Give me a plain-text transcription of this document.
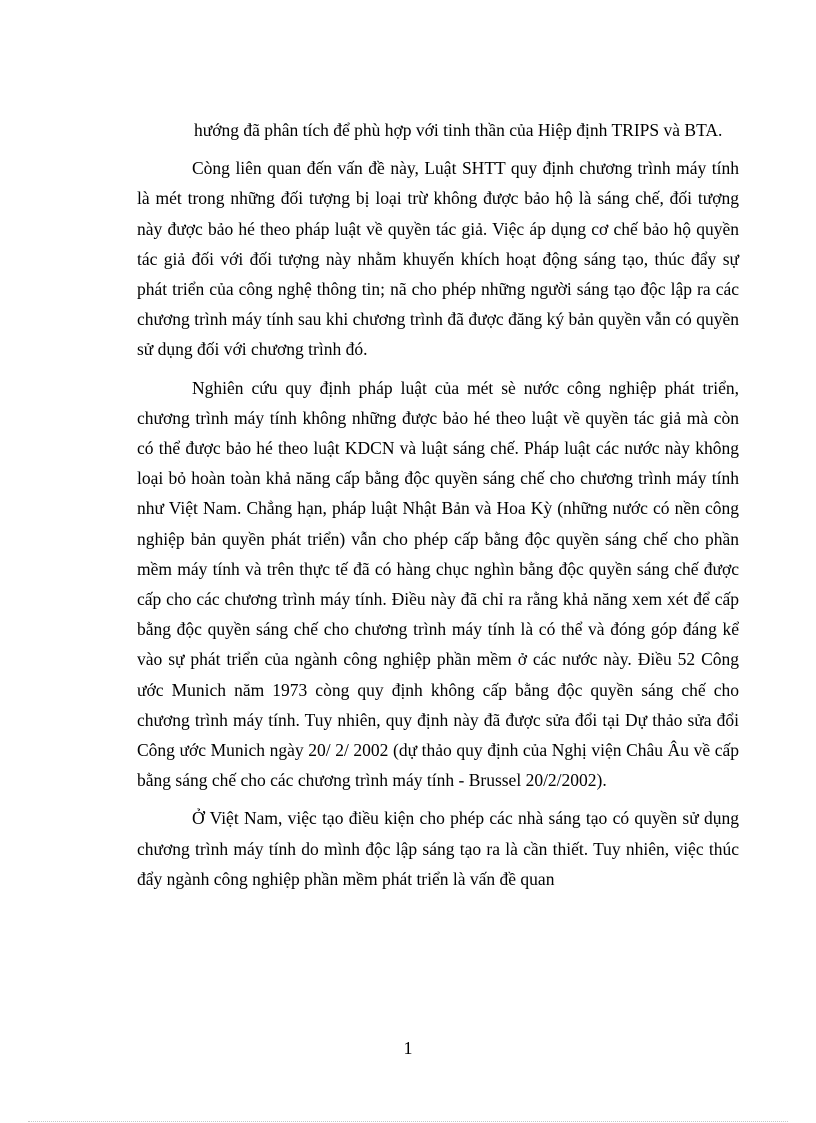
hướng đã phân tích để phù hợp với tinh thần của Hiệp định TRIPS và BTA.

Còng liên quan đến vấn đề này, Luật SHTT quy định chương trình máy tính là mét trong những đối tượng bị loại trừ không được bảo hộ là sáng chế, đối tượng này được bảo hé theo pháp luật về quyền tác giả. Việc áp dụng cơ chế bảo hộ quyền tác giả đối với đối tượng này nhằm khuyến khích hoạt động sáng tạo, thúc đẩy sự phát triển của công nghệ thông tin; nã cho phép những người sáng tạo độc lập ra các chương trình máy tính sau khi chương trình đã được đăng ký bản quyền vẫn có quyền sử dụng đối với chương trình đó.

Nghiên cứu quy định pháp luật của mét sè nước công nghiệp phát triển, chương trình máy tính không những được bảo hé theo luật về quyền tác giả mà còn có thể được bảo hé theo luật KDCN và luật sáng chế. Pháp luật các nước này không loại bỏ hoàn toàn khả năng cấp bằng độc quyền sáng chế cho chương trình máy tính như Việt Nam. Chẳng hạn, pháp luật Nhật Bản và Hoa Kỳ (những nước có nền công nghiệp bản quyền phát triển) vẫn cho phép cấp bằng độc quyền sáng chế cho phần mềm máy tính và trên thực tế đã có hàng chục nghìn bằng độc quyền sáng chế được cấp cho các chương trình máy tính. Điều này đã chỉ ra rằng khả năng xem xét để cấp bằng độc quyền sáng chế cho chương trình máy tính là có thể và đóng góp đáng kể vào sự phát triển của ngành công nghiệp phần mềm ở các nước này. Điều 52 Công ước Munich năm 1973 còng quy định không cấp bằng độc quyền sáng chế cho chương trình máy tính. Tuy nhiên, quy định này đã được sửa đổi tại Dự thảo sửa đổi Công ước Munich ngày 20/ 2/ 2002 (dự thảo quy định của Nghị viện Châu Âu về cấp bằng sáng chế cho các chương trình máy tính - Brussel 20/2/2002).

Ở Việt Nam, việc tạo điều kiện cho phép các nhà sáng tạo có quyền sử dụng chương trình máy tính do mình độc lập sáng tạo ra là cần thiết. Tuy nhiên, việc thúc đẩy ngành công nghiệp phần mềm phát triển là vấn đề quan

1
